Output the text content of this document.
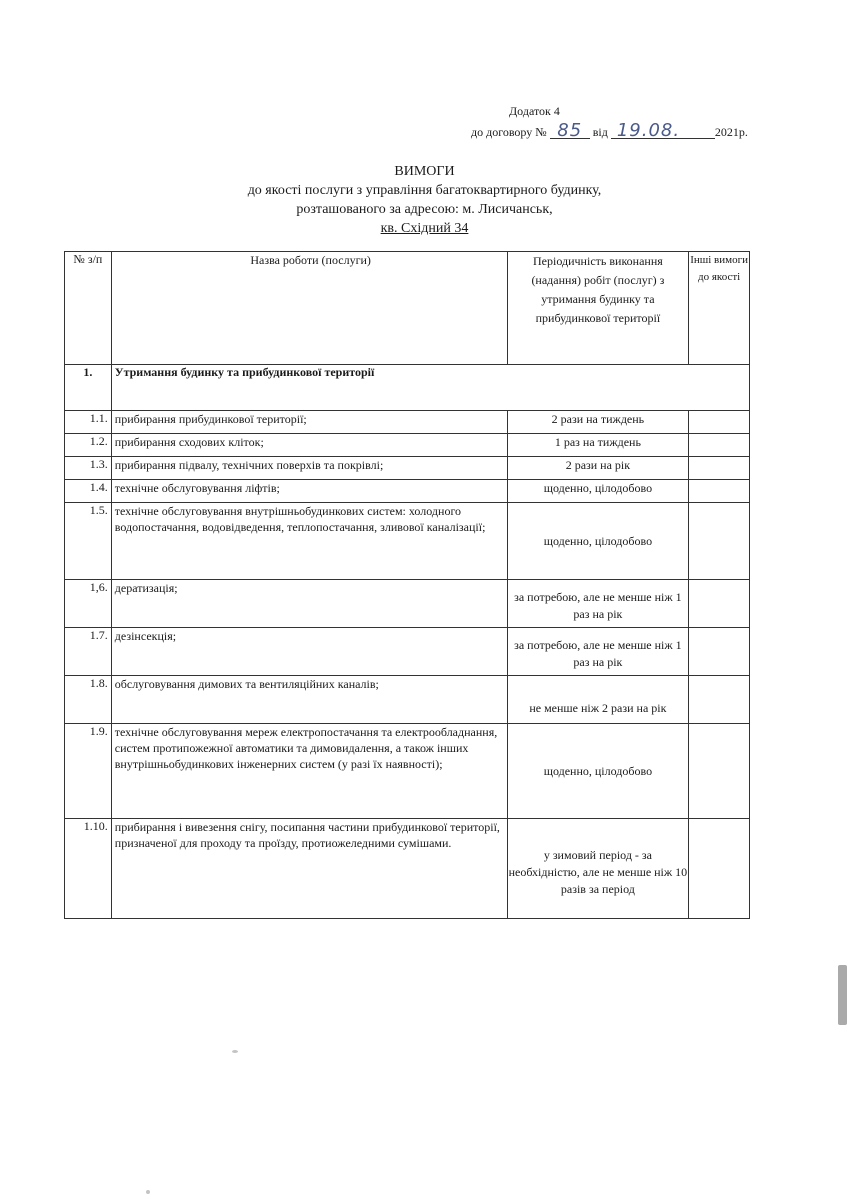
Додаток 4
до договору № 85 від 19.08.	2021р.
ВИМОГИ
до якості послуги з управління багатоквартирного будинку,
розташованого за адресою: м. Лисичанськ,
кв. Східний 34
№ з/п	Назва роботи (послуги)	Періодичність виконання (надання) робіт (послуг) з утримання будинку та прибудинкової території	Інші вимоги до якості
1.	Утримання будинку та прибудинкової території		
1.1.	прибирання прибудинкової території;	2 рази на тиждень	

1.2.	прибирання сходових кліток;	1 раз на тиждень	

1.3.	прибирання підвалу, технічних поверхів та покрівлі;	2 рази на рік	

1.4.	технічне обслуговування ліфтів;	щоденно, цілодобово	

1.5.	технічне обслуговування внутрішньобудинкових систем: холодного водопостачання, водовідведення, теплопостачання, зливової каналізації;	щоденно, цілодобово	

1,6.	дератизація;	за потребою, але не менше ніж 1 раз на рік	

1.7.	дезінсекція;	за потребою, але не менше ніж 1 раз на рік	

1.8.	обслуговування димових та вентиляційних каналів;	не менше ніж 2 рази на рік	

1.9.	технічне обслуговування мереж електропостачання та електрообладнання, систем протипожежної автоматики та димовидалення, а також інших внутрішньобудинкових інженерних систем (у разі їх наявності);	щоденно, цілодобово	

1.10.	прибирання і вивезення снігу, посипання частини прибудинкової території, призначеної для проходу та проїзду, протиожеледними сумішами.	у зимовий період - за необхідністю, але не менше ніж 10 разів за період	
